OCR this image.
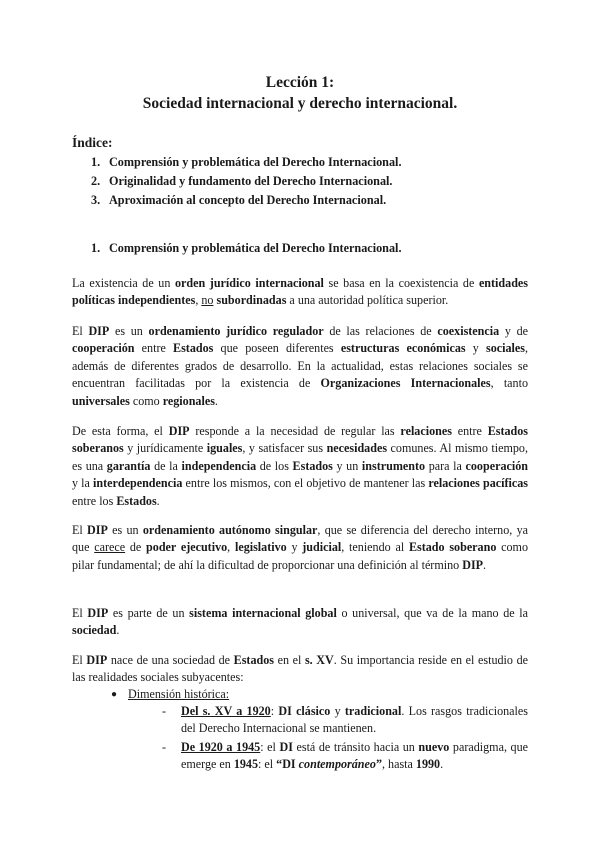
Lección 1:
Sociedad internacional y derecho internacional.
Índice:
1. Comprensión y problemática del Derecho Internacional.
2. Originalidad y fundamento del Derecho Internacional.
3. Aproximación al concepto del Derecho Internacional.
1. Comprensión y problemática del Derecho Internacional.

La existencia de un orden jurídico internacional se basa en la coexistencia de entidades políticas independientes, no subordinadas a una autoridad política superior.

El DIP es un ordenamiento jurídico regulador de las relaciones de coexistencia y de cooperación entre Estados que poseen diferentes estructuras económicas y sociales, además de diferentes grados de desarrollo. En la actualidad, estas relaciones sociales se encuentran facilitadas por la existencia de Organizaciones Internacionales, tanto universales como regionales.

De esta forma, el DIP responde a la necesidad de regular las relaciones entre Estados soberanos y jurídicamente iguales, y satisfacer sus necesidades comunes. Al mismo tiempo, es una garantía de la independencia de los Estados y un instrumento para la cooperación y la interdependencia entre los mismos, con el objetivo de mantener las relaciones pacíficas entre los Estados.

El DIP es un ordenamiento autónomo singular, que se diferencia del derecho interno, ya que carece de poder ejecutivo, legislativo y judicial, teniendo al Estado soberano como pilar fundamental; de ahí la dificultad de proporcionar una definición al término DIP.

El DIP es parte de un sistema internacional global o universal, que va de la mano de la sociedad.

El DIP nace de una sociedad de Estados en el s. XV. Su importancia reside en el estudio de las realidades sociales subyacentes:

● Dimensión histórica:

- Del s. XV a 1920: DI clásico y tradicional. Los rasgos tradicionales del Derecho Internacional se mantienen.

- De 1920 a 1945: el DI está de tránsito hacia un nuevo paradigma, que emerge en 1945: el “DI contemporáneo”, hasta 1990.
